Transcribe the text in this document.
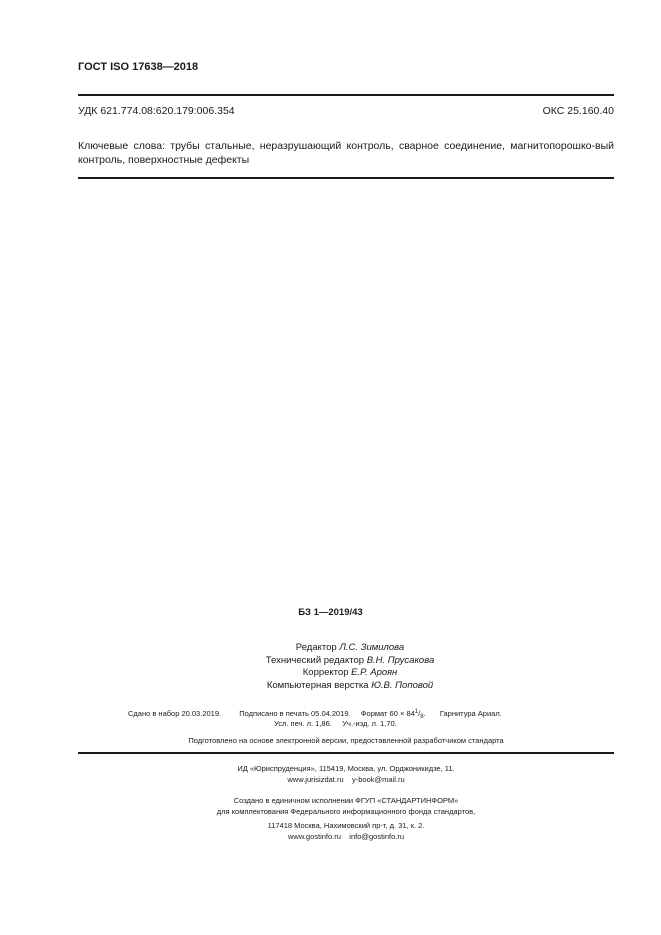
ГОСТ ISO 17638—2018
УДК 621.774.08:620.179:006.354	ОКС 25.160.40
Ключевые слова: трубы стальные, неразрушающий контроль, сварное соединение, магнитопорошко-вый контроль, поверхностные дефекты
БЗ 1—2019/43
Редактор Л.С. Зимилова
Технический редактор В.Н. Прусакова
Корректор Е.Р. Ароян
Компьютерная верстка Ю.В. Поповой
Сдано в набор 20.03.2019. Подписано в печать 05.04.2019. Формат $60 \times 84^1/_8$. Гарнитура Ариал.
Усл. печ. л. 1,86. Уч.-изд. л. 1,70.
Подготовлено на основе электронной версии, предоставленной разработчиком стандарта
ИД «Юриспруденция», 115419, Москва, ул. Орджоникидзе, 11.
www.jurisizdat.ru y-book@mail.ru
Создано в единичном исполнении ФГУП «СТАНДАРТИНФОРМ»
для комплектования Федерального информационного фонда стандартов,
117418 Москва, Нахимовский пр-т, д. 31, к. 2.
www.gostinfo.ru info@gostinfo.ru
